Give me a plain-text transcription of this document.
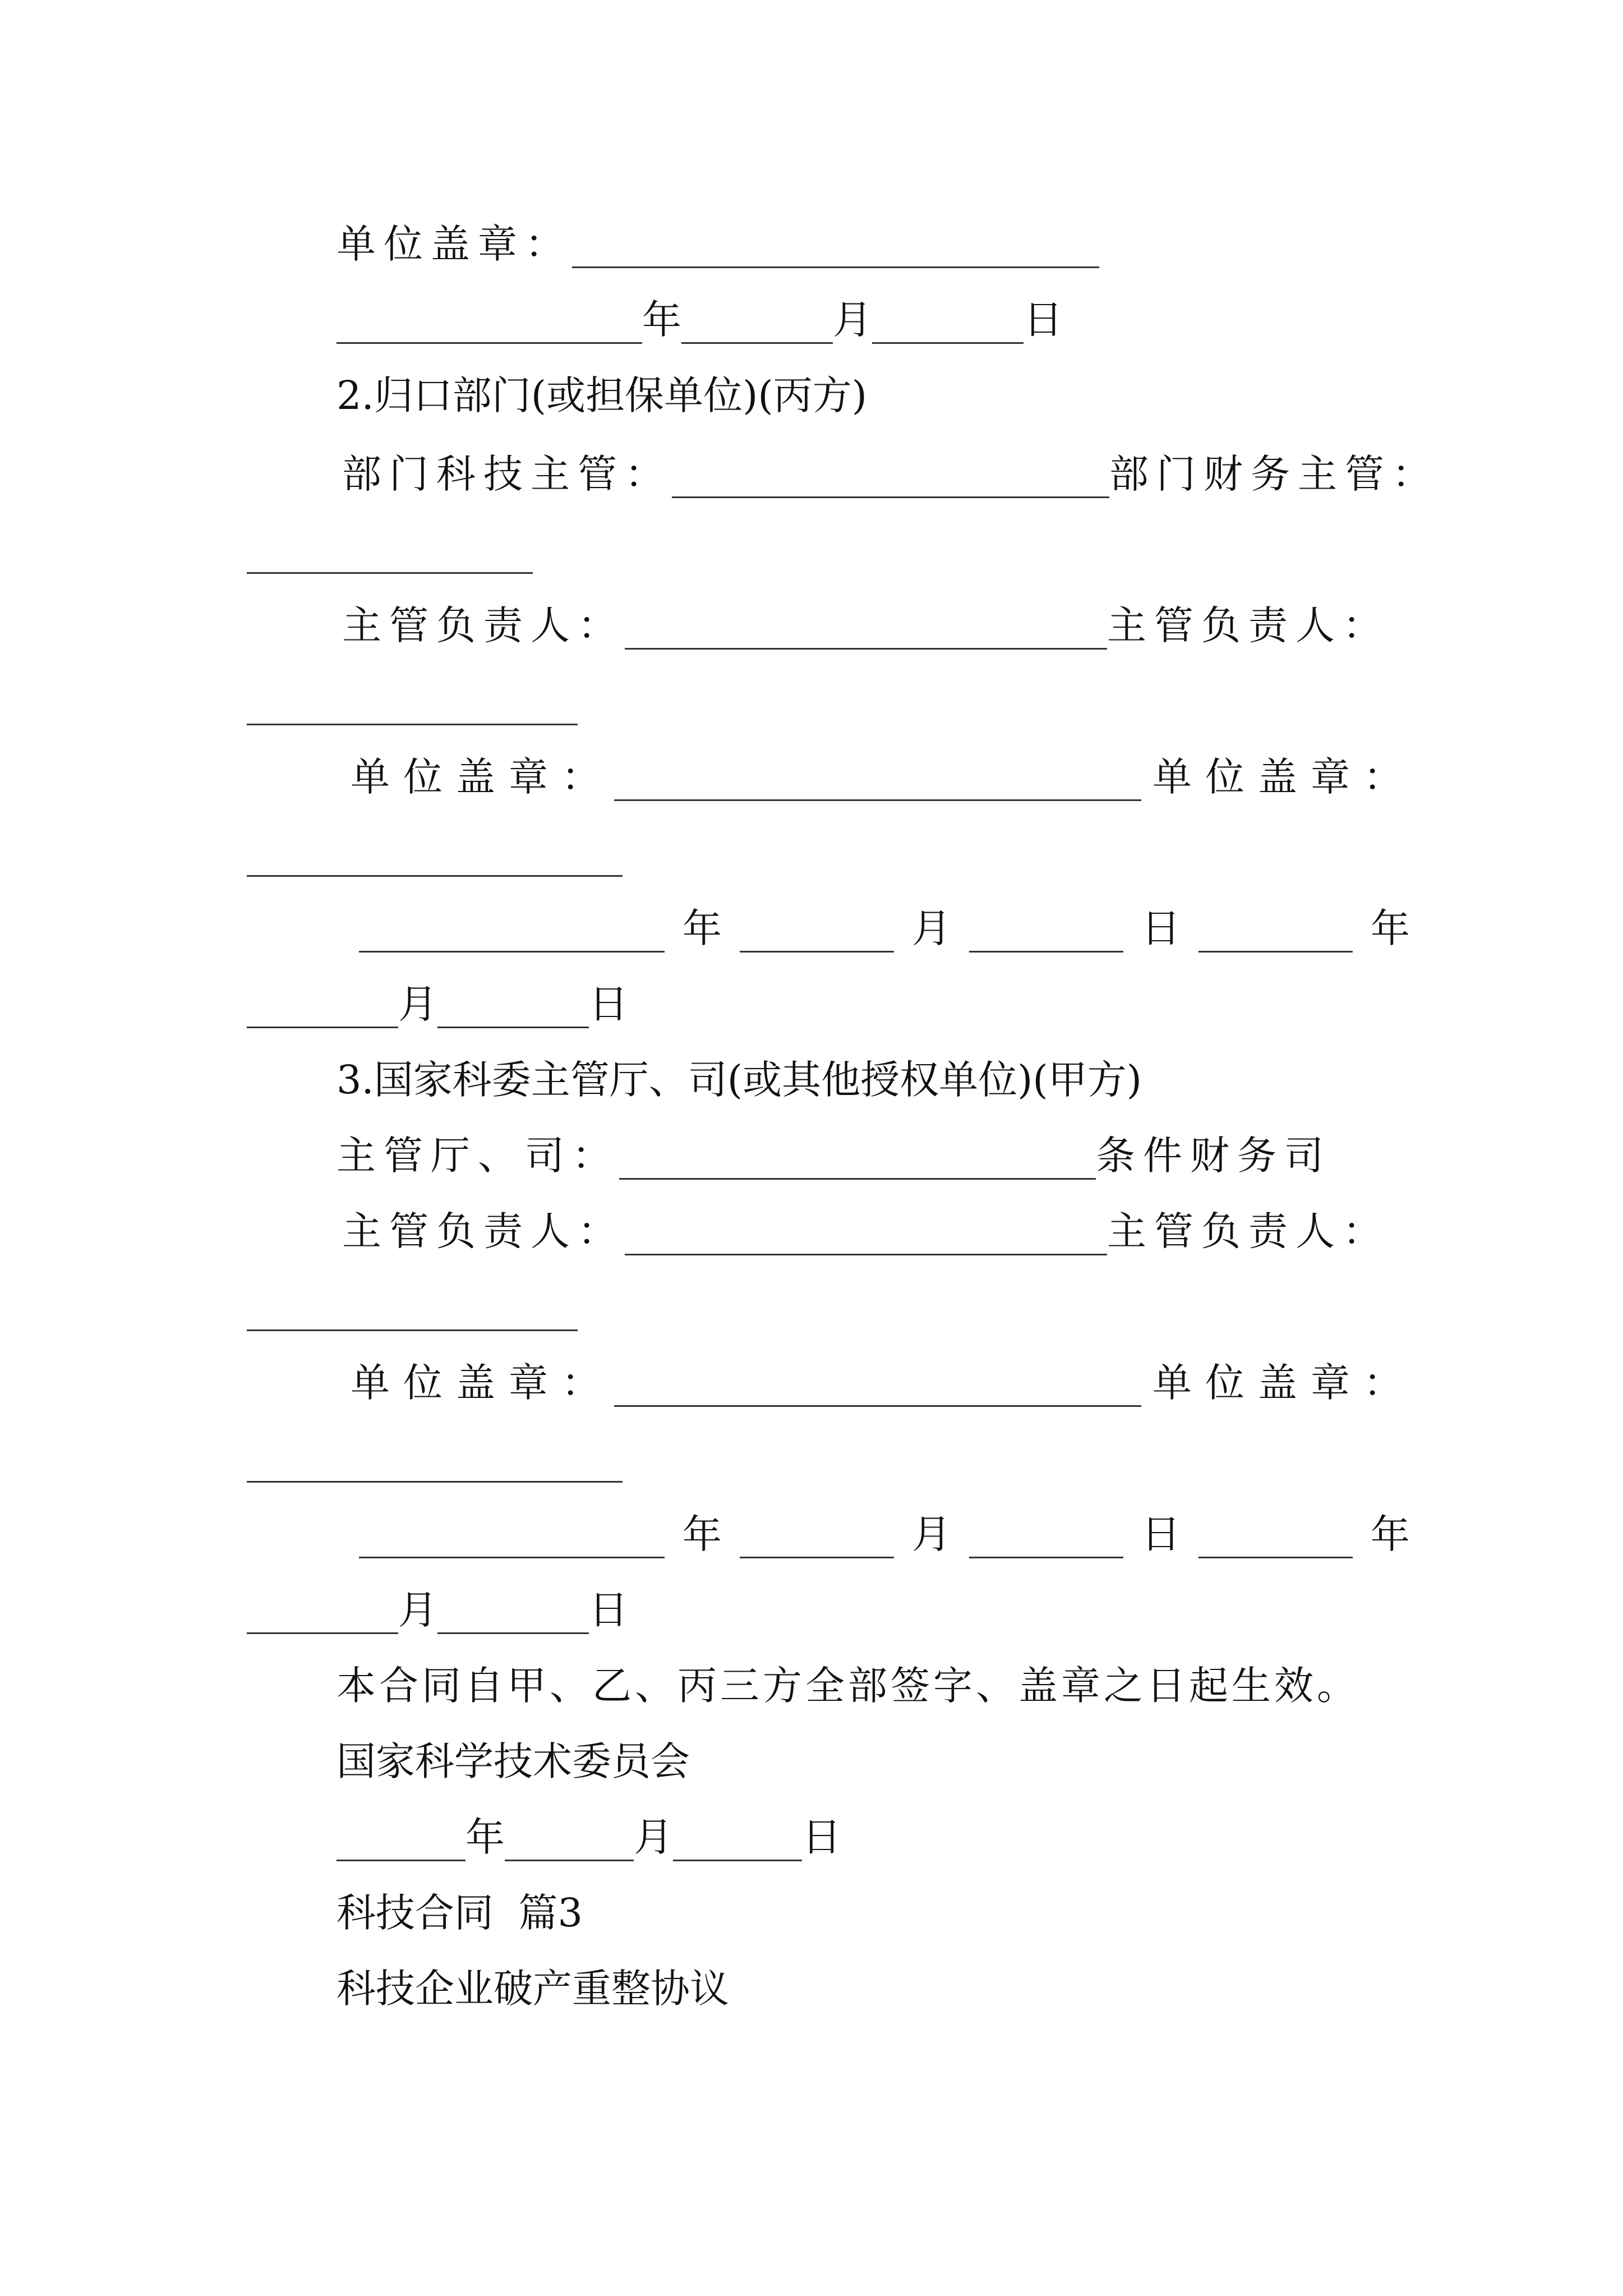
单位盖章：
年	月	日
2.归口部门(或担保单位)(丙方)
部门科技主管：	部门财务主管：
主管负责人：	主管负责人：
单位盖章：	单位盖章：
年	月	日	年
月	日
3.国家科委主管厅、司(或其他授权单位)(甲方)
主管厅、司：	条件财务司
主管负责人：	主管负责人：
单位盖章：	单位盖章：
年	月	日	年
月	日
本合同自甲、乙、丙三方全部签字、盖章之日起生效。
国家科学技术委员会
年	月	日
科技合同  篇3
科技企业破产重整协议
